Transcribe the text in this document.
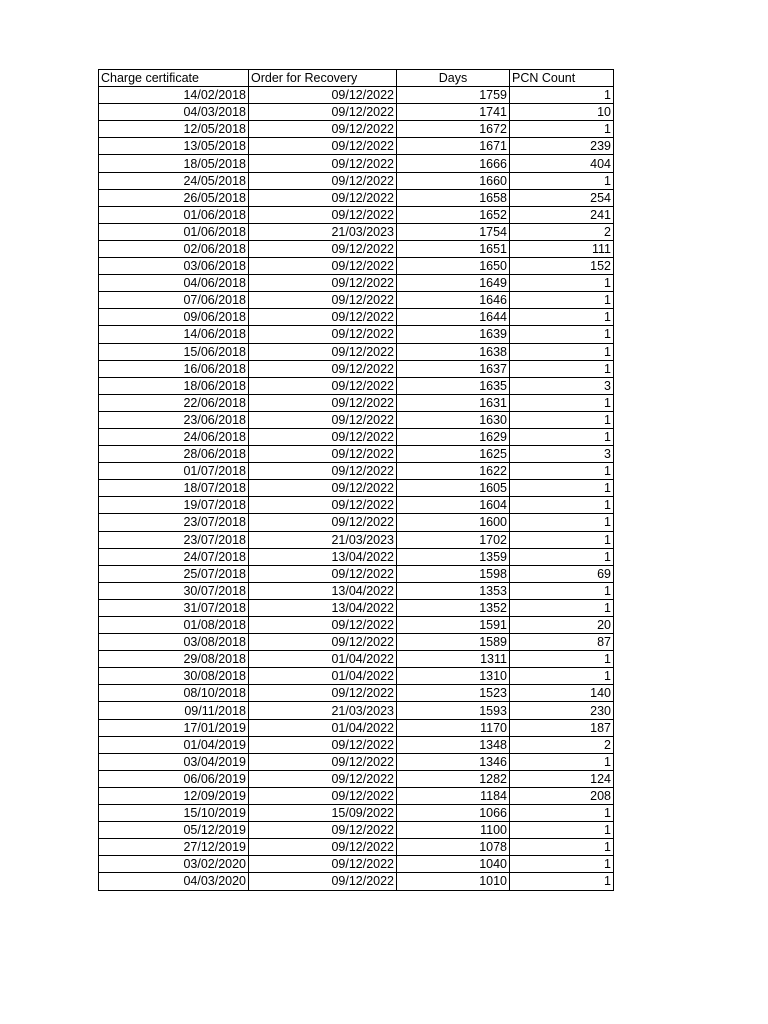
Charge certificate	Order for Recovery	Days	PCN Count
14/02/2018	09/12/2022	1759	1
04/03/2018	09/12/2022	1741	10
12/05/2018	09/12/2022	1672	1
13/05/2018	09/12/2022	1671	239
18/05/2018	09/12/2022	1666	404
24/05/2018	09/12/2022	1660	1
26/05/2018	09/12/2022	1658	254
01/06/2018	09/12/2022	1652	241
01/06/2018	21/03/2023	1754	2
02/06/2018	09/12/2022	1651	111
03/06/2018	09/12/2022	1650	152
04/06/2018	09/12/2022	1649	1
07/06/2018	09/12/2022	1646	1
09/06/2018	09/12/2022	1644	1
14/06/2018	09/12/2022	1639	1
15/06/2018	09/12/2022	1638	1
16/06/2018	09/12/2022	1637	1
18/06/2018	09/12/2022	1635	3
22/06/2018	09/12/2022	1631	1
23/06/2018	09/12/2022	1630	1
24/06/2018	09/12/2022	1629	1
28/06/2018	09/12/2022	1625	3
01/07/2018	09/12/2022	1622	1
18/07/2018	09/12/2022	1605	1
19/07/2018	09/12/2022	1604	1
23/07/2018	09/12/2022	1600	1
23/07/2018	21/03/2023	1702	1
24/07/2018	13/04/2022	1359	1
25/07/2018	09/12/2022	1598	69
30/07/2018	13/04/2022	1353	1
31/07/2018	13/04/2022	1352	1
01/08/2018	09/12/2022	1591	20
03/08/2018	09/12/2022	1589	87
29/08/2018	01/04/2022	1311	1
30/08/2018	01/04/2022	1310	1
08/10/2018	09/12/2022	1523	140
09/11/2018	21/03/2023	1593	230
17/01/2019	01/04/2022	1170	187
01/04/2019	09/12/2022	1348	2
03/04/2019	09/12/2022	1346	1
06/06/2019	09/12/2022	1282	124
12/09/2019	09/12/2022	1184	208
15/10/2019	15/09/2022	1066	1
05/12/2019	09/12/2022	1100	1
27/12/2019	09/12/2022	1078	1
03/02/2020	09/12/2022	1040	1
04/03/2020	09/12/2022	1010	1
